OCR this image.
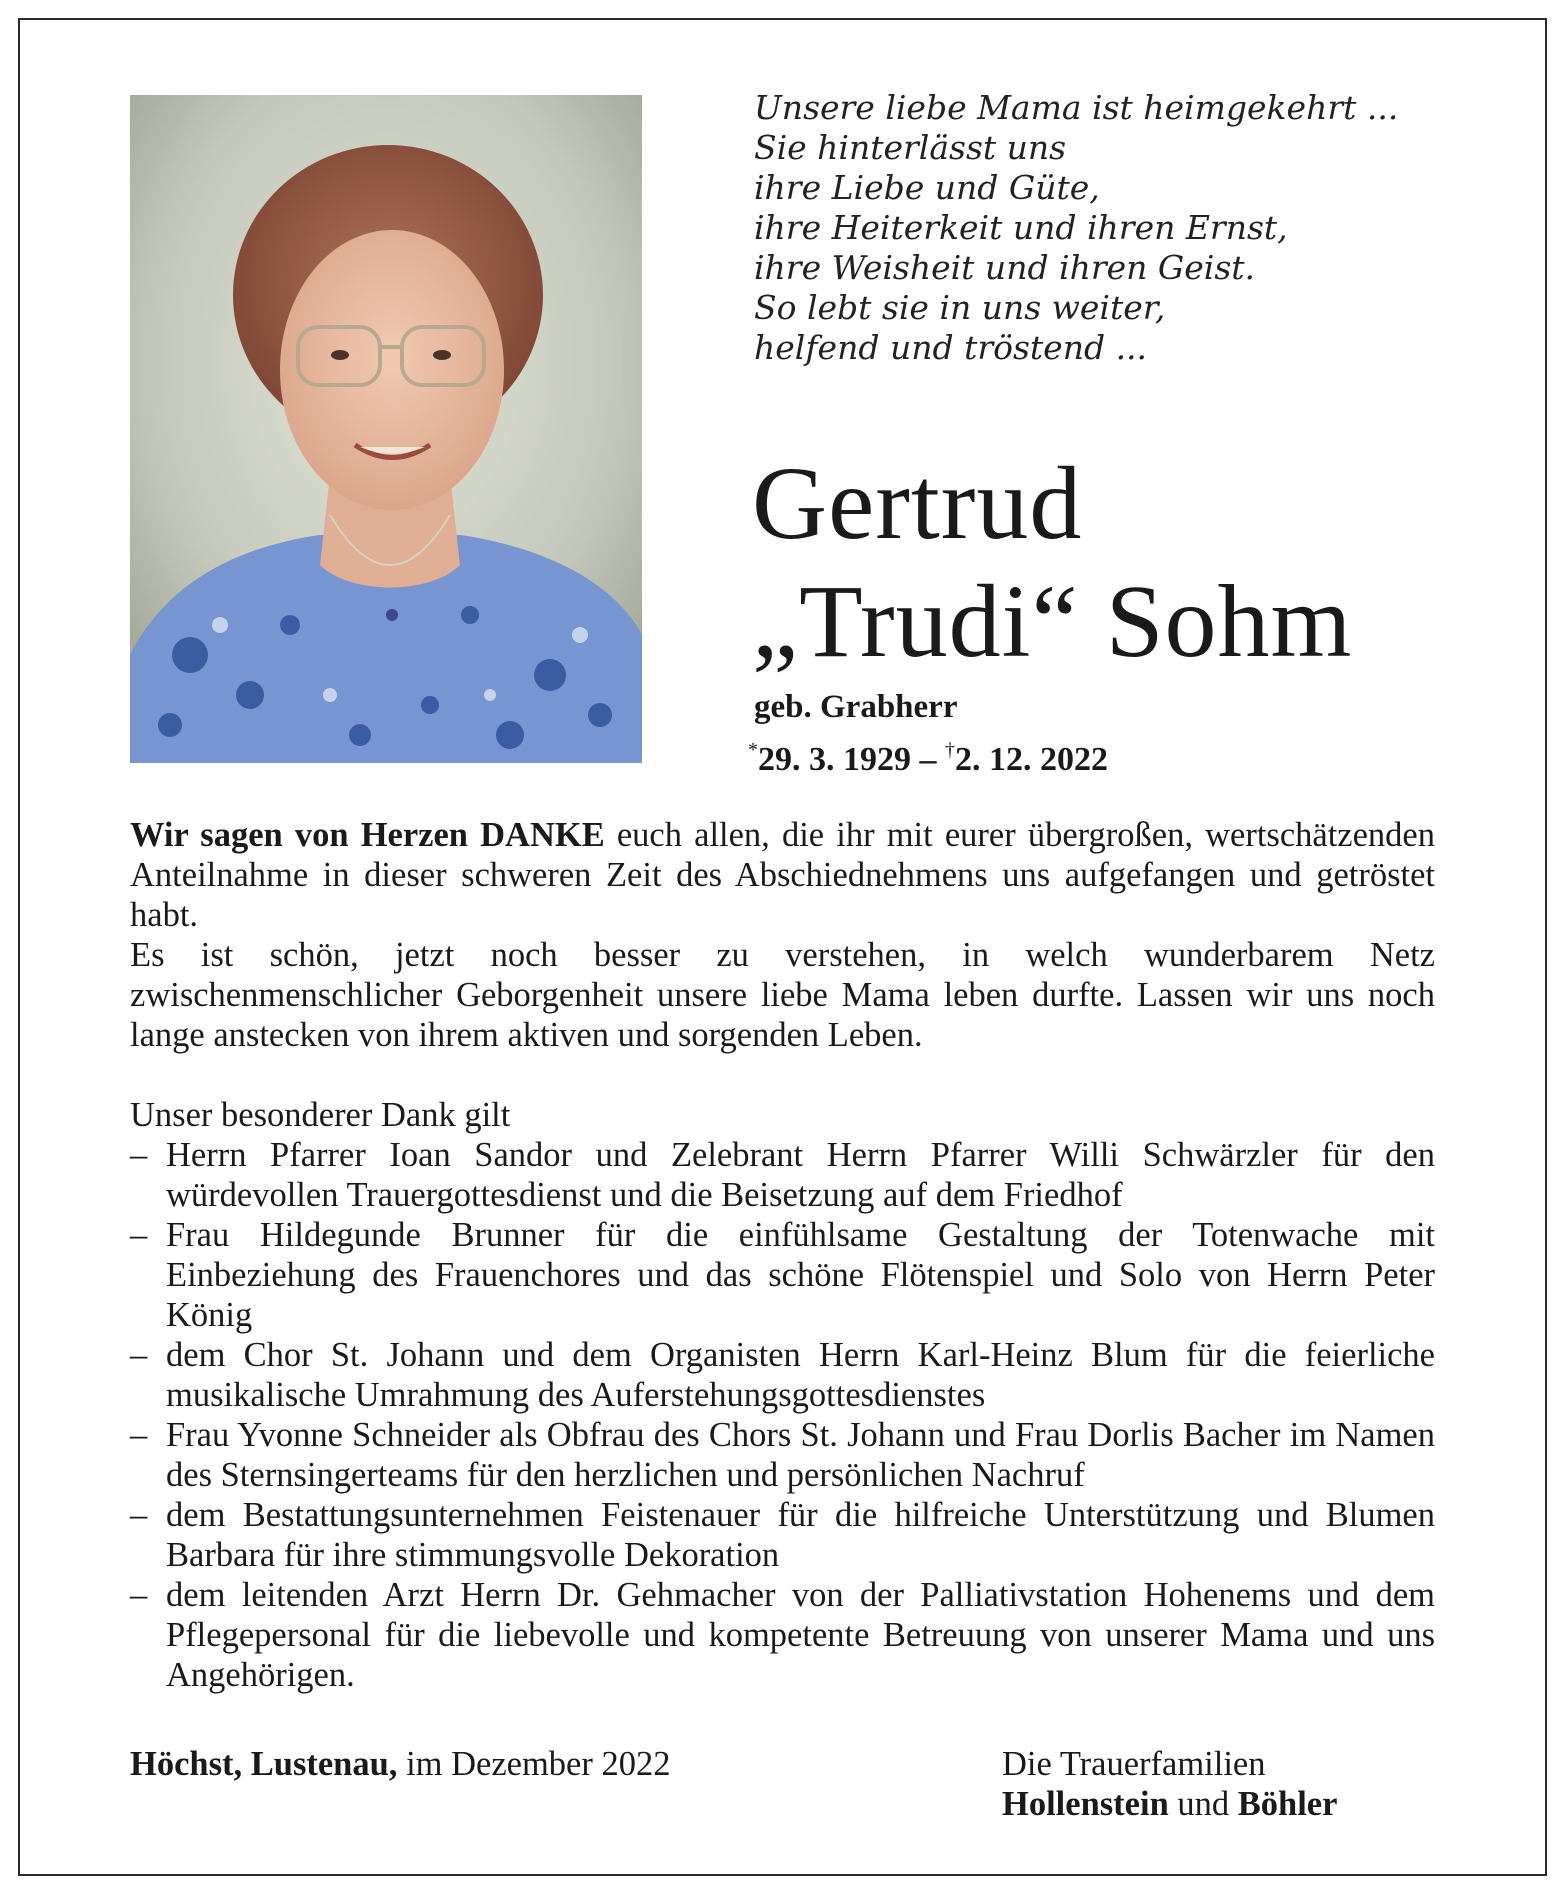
Unsere liebe Mama ist heimgekehrt ...
Sie hinterlässt uns
ihre Liebe und Güte,
ihre Heiterkeit und ihren Ernst,
ihre Weisheit und ihren Geist.
So lebt sie in uns weiter,
helfend und tröstend ...
Gertrud
„Trudi“ Sohm
geb. Grabherr
*29. 3. 1929 – †2. 12. 2022

Wir sagen von Herzen DANKE euch allen, die ihr mit eurer übergroßen, wertschätzenden Anteilnahme in dieser schweren Zeit des Abschiednehmens uns aufgefangen und getröstet habt.

Es ist schön, jetzt noch besser zu verstehen, in welch wunderbarem Netz zwischenmenschlicher Geborgenheit unsere liebe Mama leben durfte. Lassen wir uns noch lange anstecken von ihrem aktiven und sorgenden Leben.

Unser besonderer Dank gilt

– Herrn Pfarrer Ioan Sandor und Zelebrant Herrn Pfarrer Willi Schwärzler für den würdevollen Trauergottesdienst und die Beisetzung auf dem Friedhof
– Frau Hildegunde Brunner für die einfühlsame Gestaltung der Totenwache mit Einbeziehung des Frauenchores und das schöne Flötenspiel und Solo von Herrn Peter König
– dem Chor St. Johann und dem Organisten Herrn Karl-Heinz Blum für die feierliche musikalische Umrahmung des Auferstehungsgottesdienstes
– Frau Yvonne Schneider als Obfrau des Chors St. Johann und Frau Dorlis Bacher im Namen des Sternsingerteams für den herzlichen und persönlichen Nachruf
– dem Bestattungsunternehmen Feistenauer für die hilfreiche Unterstützung und Blumen Barbara für ihre stimmungsvolle Dekoration
– dem leitenden Arzt Herrn Dr. Gehmacher von der Palliativstation Hohenems und dem Pflegepersonal für die liebevolle und kompetente Betreuung von unserer Mama und uns Angehörigen.
Höchst, Lustenau, im Dezember 2022	Die Trauerfamilien
Hollenstein und Böhler
